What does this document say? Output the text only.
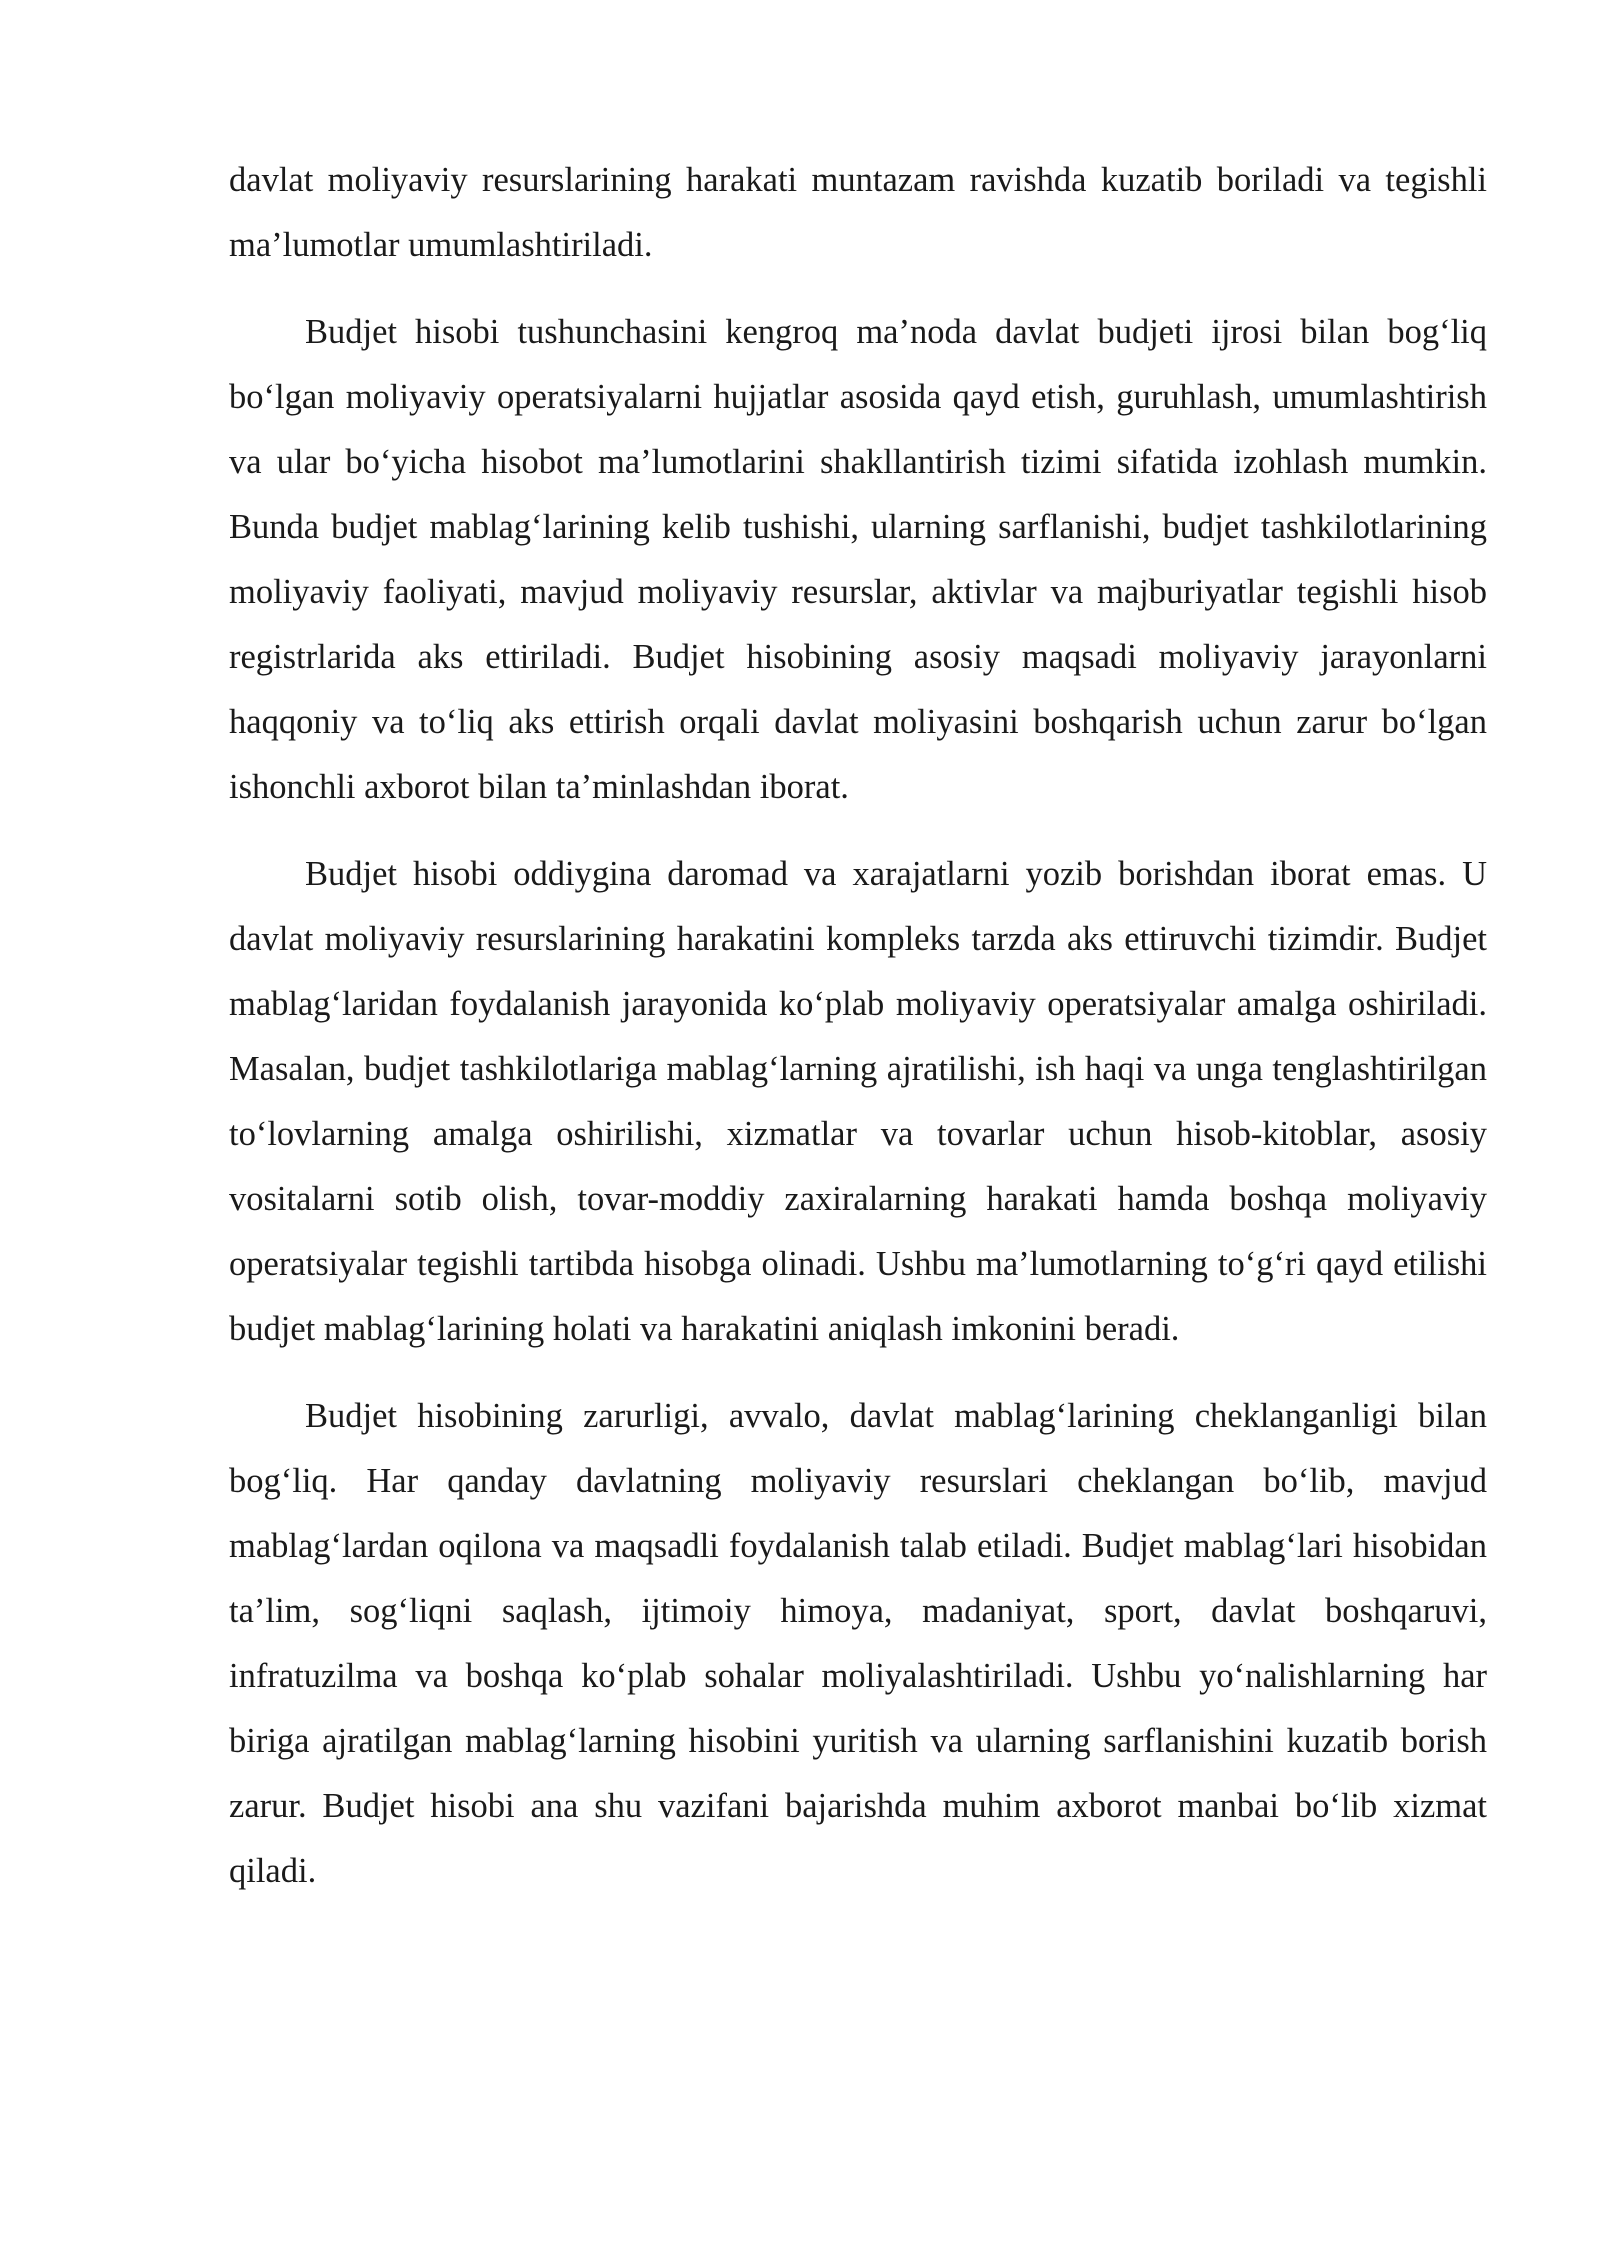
davlat moliyaviy resurslarining harakati muntazam ravishda kuzatib boriladi va tegishli ma’lumotlar umumlashtiriladi.

Budjet hisobi tushunchasini kengroq ma’noda davlat budjeti ijrosi bilan bog‘liq bo‘lgan moliyaviy operatsiyalarni hujjatlar asosida qayd etish, guruhlash, umumlashtirish va ular bo‘yicha hisobot ma’lumotlarini shakllantirish tizimi sifatida izohlash mumkin. Bunda budjet mablag‘larining kelib tushishi, ularning sarflanishi, budjet tashkilotlarining moliyaviy faoliyati, mavjud moliyaviy resurslar, aktivlar va majburiyatlar tegishli hisob registrlarida aks ettiriladi. Budjet hisobining asosiy maqsadi moliyaviy jarayonlarni haqqoniy va to‘liq aks ettirish orqali davlat moliyasini boshqarish uchun zarur bo‘lgan ishonchli axborot bilan ta’minlashdan iborat.

Budjet hisobi oddiygina daromad va xarajatlarni yozib borishdan iborat emas. U davlat moliyaviy resurslarining harakatini kompleks tarzda aks ettiruvchi tizimdir. Budjet mablag‘laridan foydalanish jarayonida ko‘plab moliyaviy operatsiyalar amalga oshiriladi. Masalan, budjet tashkilotlariga mablag‘larning ajratilishi, ish haqi va unga tenglashtirilgan to‘lovlarning amalga oshirilishi, xizmatlar va tovarlar uchun hisob-kitoblar, asosiy vositalarni sotib olish, tovar-moddiy zaxiralarning harakati hamda boshqa moliyaviy operatsiyalar tegishli tartibda hisobga olinadi. Ushbu ma’lumotlarning to‘g‘ri qayd etilishi budjet mablag‘larining holati va harakatini aniqlash imkonini beradi.

Budjet hisobining zarurligi, avvalo, davlat mablag‘larining cheklanganligi bilan bog‘liq. Har qanday davlatning moliyaviy resurslari cheklangan bo‘lib, mavjud mablag‘lardan oqilona va maqsadli foydalanish talab etiladi. Budjet mablag‘lari hisobidan ta’lim, sog‘liqni saqlash, ijtimoiy himoya, madaniyat, sport, davlat boshqaruvi, infratuzilma va boshqa ko‘plab sohalar moliyalashtiriladi. Ushbu yo‘nalishlarning har biriga ajratilgan mablag‘larning hisobini yuritish va ularning sarflanishini kuzatib borish zarur. Budjet hisobi ana shu vazifani bajarishda muhim axborot manbai bo‘lib xizmat qiladi.
